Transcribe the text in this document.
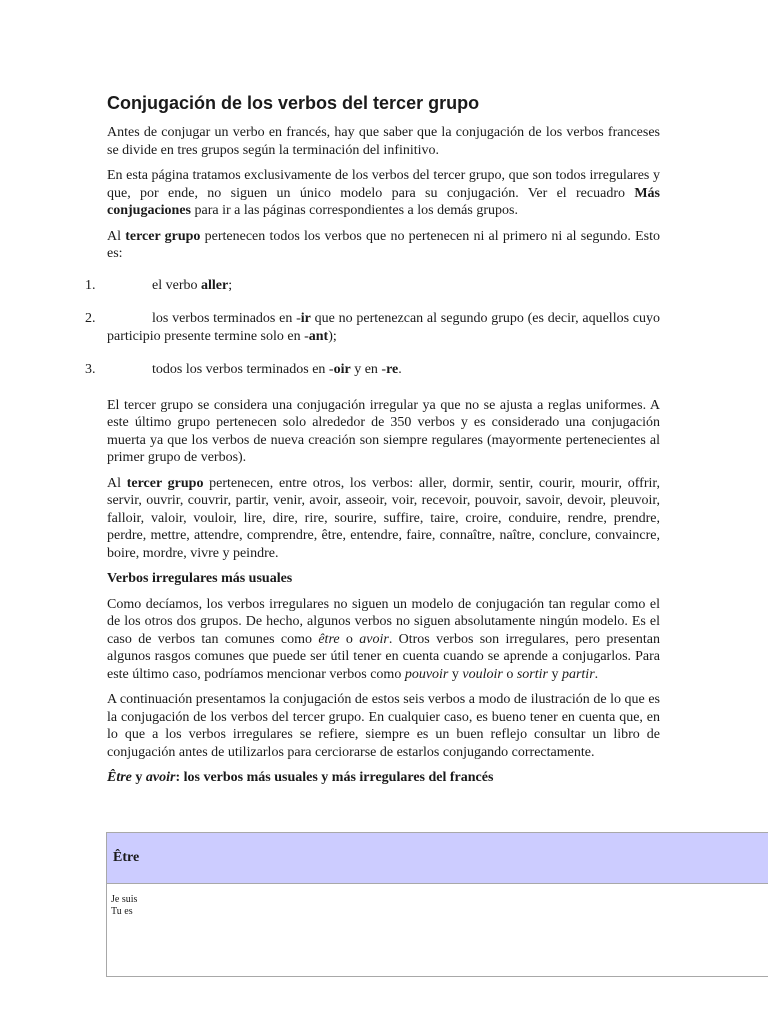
Conjugación de los verbos del tercer grupo

Antes de conjugar un verbo en francés, hay que saber que la conjugación de los verbos franceses se divide en tres grupos según la terminación del infinitivo.

En esta página tratamos exclusivamente de los verbos del tercer grupo, que son todos irregulares y que, por ende, no siguen un único modelo para su conjugación. Ver el recuadro Más conjugaciones para ir a las páginas correspondientes a los demás grupos.

Al tercer grupo pertenecen todos los verbos que no pertenecen ni al primero ni al segundo. Esto es:

1.	el verbo aller;
2.	los verbos terminados en -ir que no pertenezcan al segundo grupo (es decir, aquellos cuyo participio presente termine solo en -ant);
3.	todos los verbos terminados en -oir y en -re.

El tercer grupo se considera una conjugación irregular ya que no se ajusta a reglas uniformes. A este último grupo pertenecen solo alrededor de 350 verbos y es considerado una conjugación muerta ya que los verbos de nueva creación son siempre regulares (mayormente pertenecientes al primer grupo de verbos).

Al tercer grupo pertenecen, entre otros, los verbos: aller, dormir, sentir, courir, mourir, offrir, servir, ouvrir, couvrir, partir, venir, avoir, asseoir, voir, recevoir, pouvoir, savoir, devoir, pleuvoir, falloir, valoir, vouloir, lire, dire, rire, sourire, suffire, taire, croire, conduire, rendre, prendre, perdre, mettre, attendre, comprendre, être, entendre, faire, connaître, naître, conclure, convaincre, boire, mordre, vivre y peindre.

Verbos irregulares más usuales

Como decíamos, los verbos irregulares no siguen un modelo de conjugación tan regular como el de los otros dos grupos. De hecho, algunos verbos no siguen absolutamente ningún modelo. Es el caso de verbos tan comunes como être o avoir. Otros verbos son irregulares, pero presentan algunos rasgos comunes que puede ser útil tener en cuenta cuando se aprende a conjugarlos. Para este último caso, podríamos mencionar verbos como pouvoir y vouloir o sortir y partir.

A continuación presentamos la conjugación de estos seis verbos a modo de ilustración de lo que es la conjugación de los verbos del tercer grupo. En cualquier caso, es bueno tener en cuenta que, en lo que a los verbos irregulares se refiere, siempre es un buen reflejo consultar un libro de conjugación antes de utilizarlos para cerciorarse de estarlos conjugando correctamente.

Être y avoir: los verbos más usuales y más irregulares del francés
Être
Je suis
Tu es
